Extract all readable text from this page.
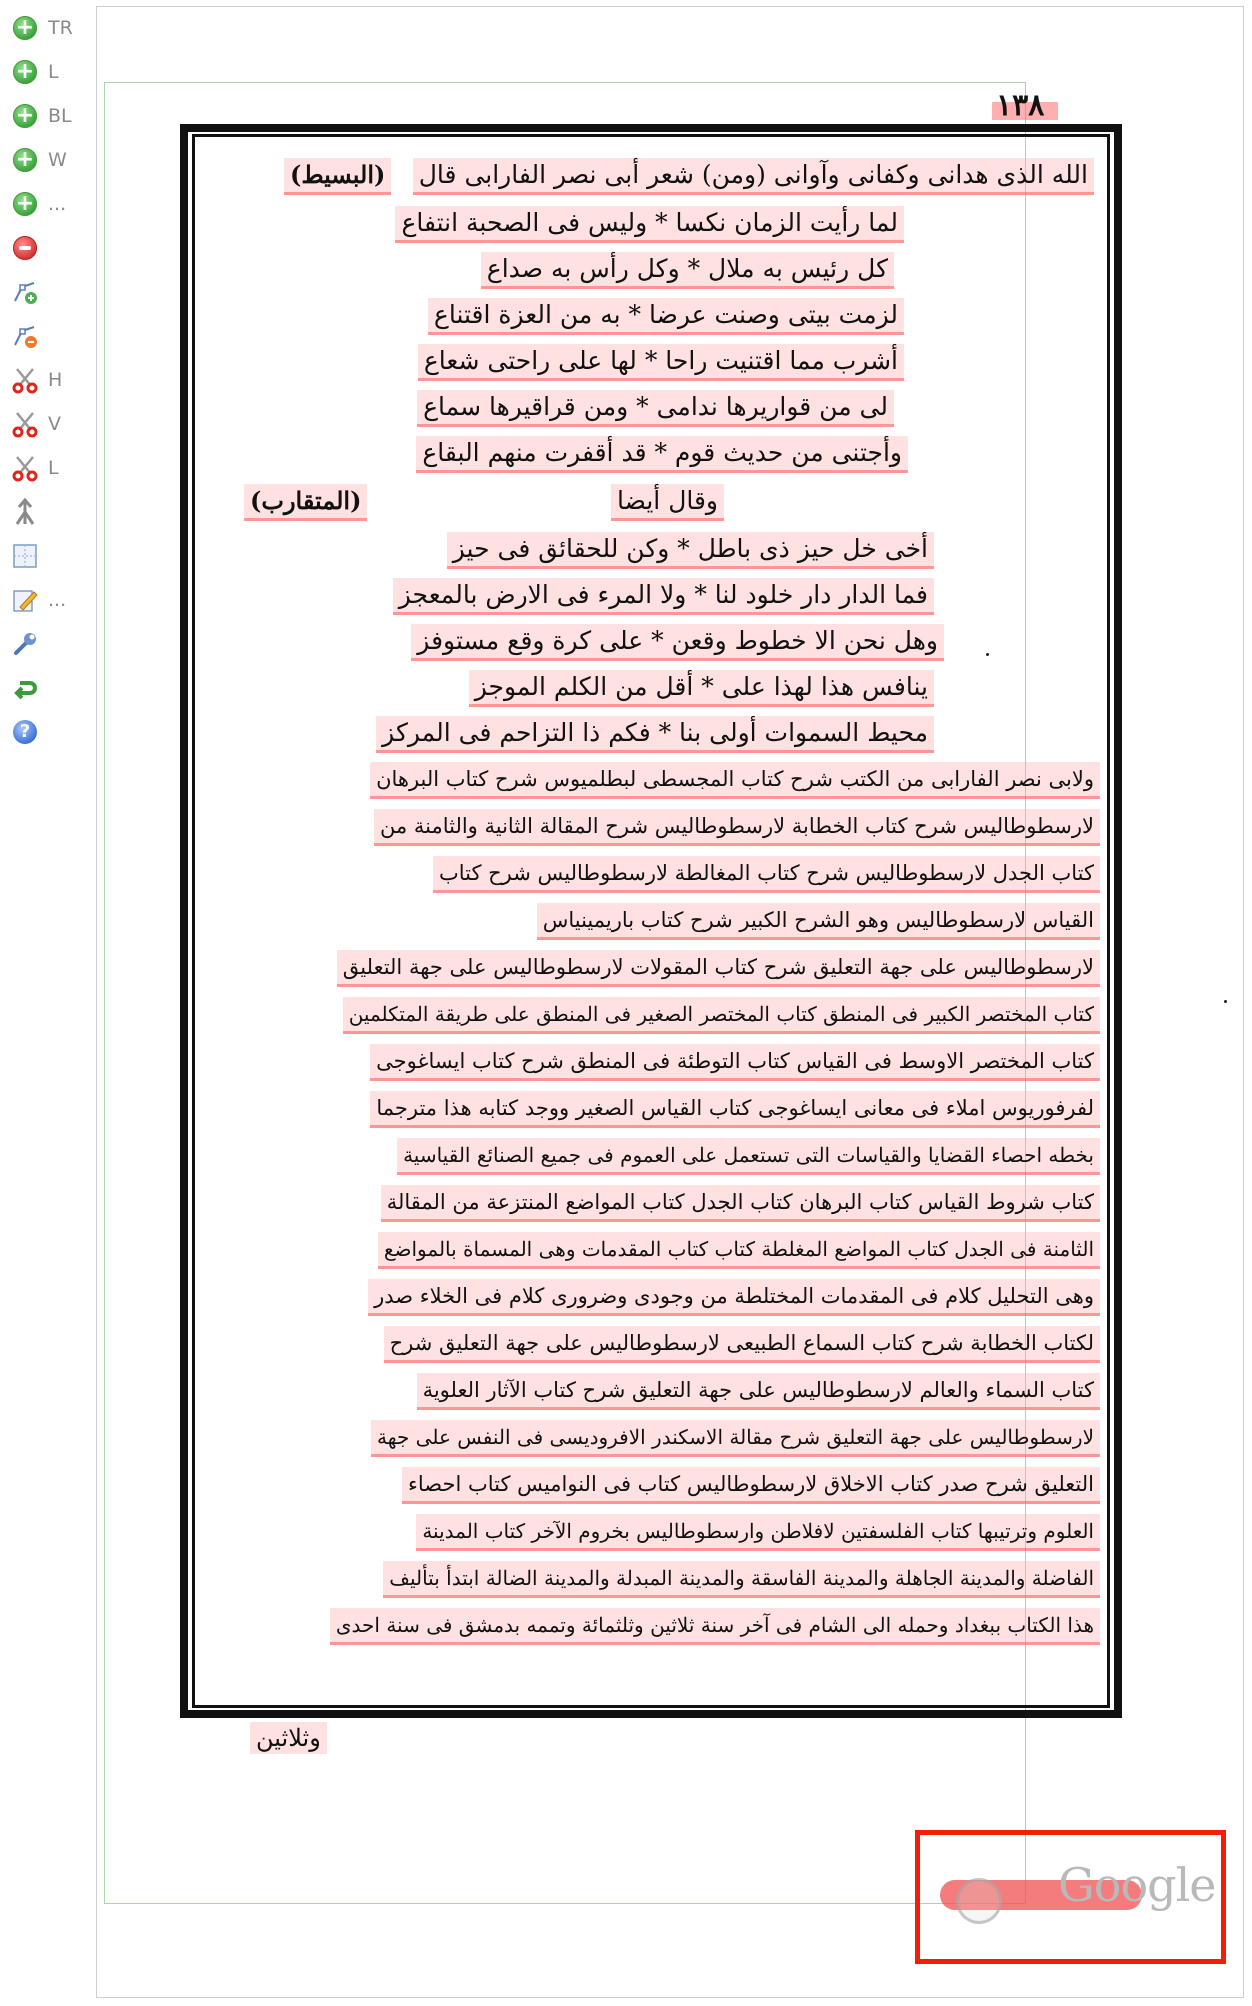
+ TR
+ L
+ BL
+ W
+ ...
H
V
L
...
?
١٣٨
الله الذى هدانى وكفانى وآوانى (ومن) شعر أبى نصر الفارابى قال
(البسيط)
لما رأيت الزمان نكسا * وليس فى الصحبة انتفاع
كل رئيس به ملال * وكل رأس به صداع
لزمت بيتى وصنت عرضا * به من العزة اقتناع
أشرب مما اقتنيت راحا * لها على راحتى شعاع
لى من قواريرها ندامى * ومن قراقيرها سماع
وأجتنى من حديث قوم * قد أقفرت منهم البقاع
وقال أيضا
(المتقارب)
أخى خل حيز ذى باطل * وكن للحقائق فى حيز
فما الدار دار خلود لنا * ولا المرء فى الارض بالمعجز
وهل نحن الا خطوط وقعن * على كرة وقع مستوفز
ينافس هذا لهذا على * أقل من الكلم الموجز
محيط السموات أولى بنا * فكم ذا التزاحم فى المركز
ولابى نصر الفارابى من الكتب شرح كتاب المجسطى لبطلميوس شرح كتاب البرهان
لارسطوطاليس شرح كتاب الخطابة لارسطوطاليس شرح المقالة الثانية والثامنة من
كتاب الجدل لارسطوطاليس شرح كتاب المغالطة لارسطوطاليس شرح كتاب
القياس لارسطوطاليس وهو الشرح الكبير شرح كتاب باريمينياس
لارسطوطاليس على جهة التعليق شرح كتاب المقولات لارسطوطاليس على جهة التعليق
كتاب المختصر الكبير فى المنطق كتاب المختصر الصغير فى المنطق على طريقة المتكلمين
كتاب المختصر الاوسط فى القياس كتاب التوطئة فى المنطق شرح كتاب ايساغوجى
لفرفوريوس املاء فى معانى ايساغوجى كتاب القياس الصغير ووجد كتابه هذا مترجما
بخطه احصاء القضايا والقياسات التى تستعمل على العموم فى جميع الصنائع القياسية
كتاب شروط القياس كتاب البرهان كتاب الجدل كتاب المواضع المنتزعة من المقالة
الثامنة فى الجدل كتاب المواضع المغلطة كتاب كتاب المقدمات وهى المسماة بالمواضع
وهى التحليل كلام فى المقدمات المختلطة من وجودى وضرورى كلام فى الخلاء صدر
لكتاب الخطابة شرح كتاب السماع الطبيعى لارسطوطاليس على جهة التعليق شرح
كتاب السماء والعالم لارسطوطاليس على جهة التعليق شرح كتاب الآثار العلوية
لارسطوطاليس على جهة التعليق شرح مقالة الاسكندر الافروديسى فى النفس على جهة
التعليق شرح صدر كتاب الاخلاق لارسطوطاليس كتاب فى النواميس كتاب احصاء
العلوم وترتيبها كتاب الفلسفتين لافلاطن وارسطوطاليس بخروم الآخر كتاب المدينة
الفاضلة والمدينة الجاهلة والمدينة الفاسقة والمدينة المبدلة والمدينة الضالة ابتدأ بتأليف
هذا الكتاب ببغداد وحمله الى الشام فى آخر سنة ثلاثين وثلثمائة وتممه بدمشق فى سنة احدى
وثلاثين
Google
